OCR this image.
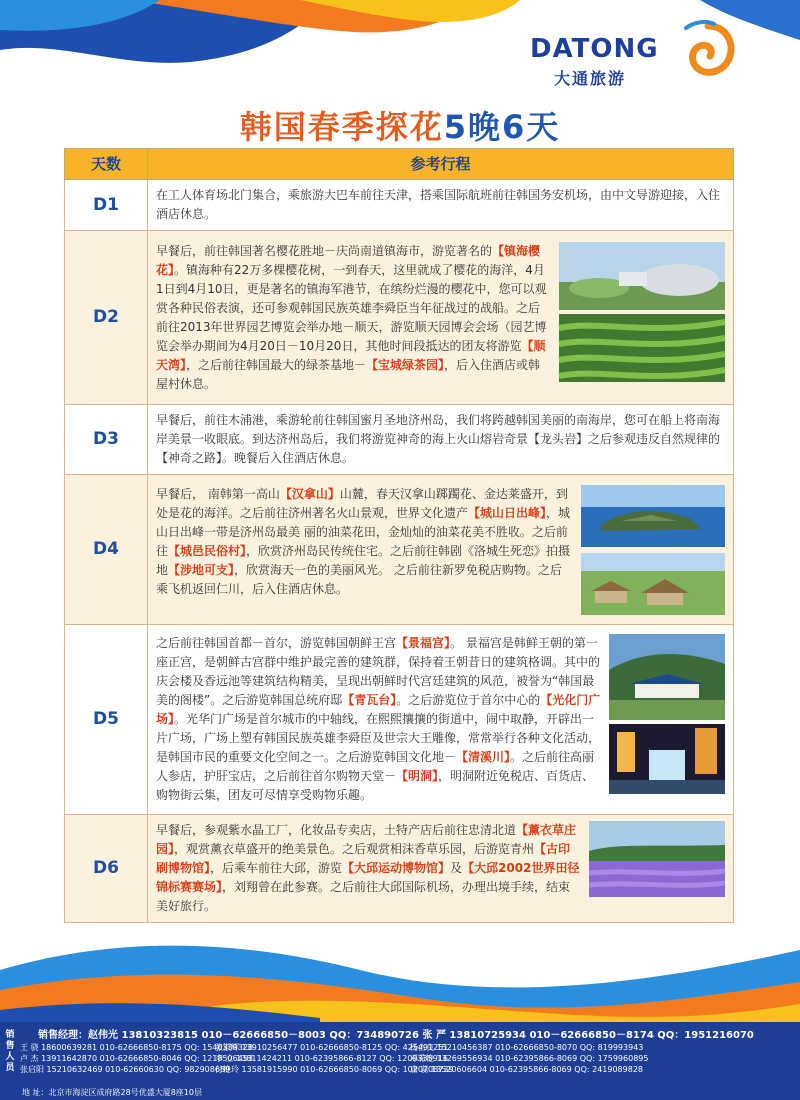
DATONG
大通旅游
韩国春季探花5晚6天
天数	参考行程
D1	在工人体育场北门集合，乘旅游大巴车前往天津，搭乘国际航班前往韩国务安机场，由中文导游迎接，入住酒店休息。
D2	早餐后，前往韩国著名樱花胜地－庆尚南道镇海市，游览著名的【镇海樱花】。镇海种有22万多棵樱花树，一到春天，这里就成了樱花的海洋，4月1日到4月10日，更是著名的镇海军港节，在缤纷烂漫的樱花中，您可以观赏各种民俗表演，还可参观韩国民族英雄李舜臣当年征战过的战船。之后前往2013年世界园艺博览会举办地－顺天，游览顺天园博会会场（园艺博览会举办期间为4月20日－10月20日，其他时间段抵达的团友将游览【顺天湾】，之后前往韩国最大的绿茶基地－【宝城绿茶园】，后入住酒店或韩屋村休息。
D3	早餐后，前往木浦港，乘游轮前往韩国蜜月圣地济州岛，我们将跨越韩国美丽的南海岸，您可在船上将南海岸美景一收眼底。到达济州岛后，我们将游览神奇的海上火山熔岩奇景【龙头岩】之后参观违反自然规律的【神奇之路】。晚餐后入住酒店休息。
D4	早餐后， 南韩第一高山【汉拿山】山麓，春天汉拿山踯躅花、金达莱盛开，到处是花的海洋。之后前往济州著名火山景观，世界文化遗产【城山日出峰】，城山日出峰一带是济州岛最美 丽的油菜花田，金灿灿的油菜花美不胜收。之后前往【城邑民俗村】，欣赏济州岛民传统住宅。之后前往韩剧《洛城生死恋》拍摄地【涉地可支】，欣赏海天一色的美丽风光。 之后前往新罗免税店购物。之后乘飞机返回仁川，后入住酒店休息。
D5	之后前往韩国首都－首尔，游览韩国朝鲜王宫【景福宫】。 景福宫是韩鲜王朝的第一座正宫，是朝鲜古宫群中维护最完善的建筑群，保持着王朝昔日的建筑格调。其中的庆会楼及香远池等建筑结构精美，呈现出朝鲜时代宫廷建筑的风范，被誉为“韩国最美的阁楼”。之后游览韩国总统府邸【青瓦台】。之后游览位于首尔中心的【光化门广场】。光华门广场是首尔城市的中轴线，在熙熙攘攘的街道中，闹中取静，开辟出一片广场，广场上塑有韩国民族英雄李舜臣及世宗大王雕像，常常举行各种文化活动，是韩国市民的重要文化空间之一。之后游览韩国文化地－【清溪川】。之后前往高丽人参店，护肝宝店，之后前往首尔购物天堂－【明洞】，明洞附近免税店、百货店、购物街云集，团友可尽情享受购物乐趣。
D6	早餐后，参观紫水晶工厂，化妆品专卖店，土特产店后前往忠清北道【薰衣草庄园】，观赏薰衣草盛开的绝美景色。之后观赏相沫香草乐园，后游览青州【古印刷博物馆】，后乘车前往大邱，游览【大邱运动博物馆】及【大邱2002世界田径锦标赛赛场】，刘翔曾在此参赛。之后前往大邱国际机场，办理出境手续，结束美好旅行。
销售人员
销售经理：赵伟光 13810323815 010－62666850－8003 QQ：734890726 张 严 13810725934 010－62666850－8174 QQ：1951216070
王 骁 18600639281 010-62666850-8175 QQ: 1540339328
张淑辉 13910256477 010-62666850-8125 QQ: 425491251
杨古良 15210456387 010-62666850-8070 QQ: 819993943
卢 杰 13911642870 010-62666850-8046 QQ: 1218506453
李 立 13811424211 010-62395866-8127 QQ: 1209335916
邓希艳 13269556934 010-62395866-8069 QQ: 1759960895
张启阳 15210632469 010-62660630 QQ: 982908689
付艳玲 13581915990 010-62666850-8069 QQ: 1020708739
唐 蕊 13520606604 010-62395866-8069 QQ: 2419089828
地 址：北京市海淀区成府路28号优盛大厦8座10层
